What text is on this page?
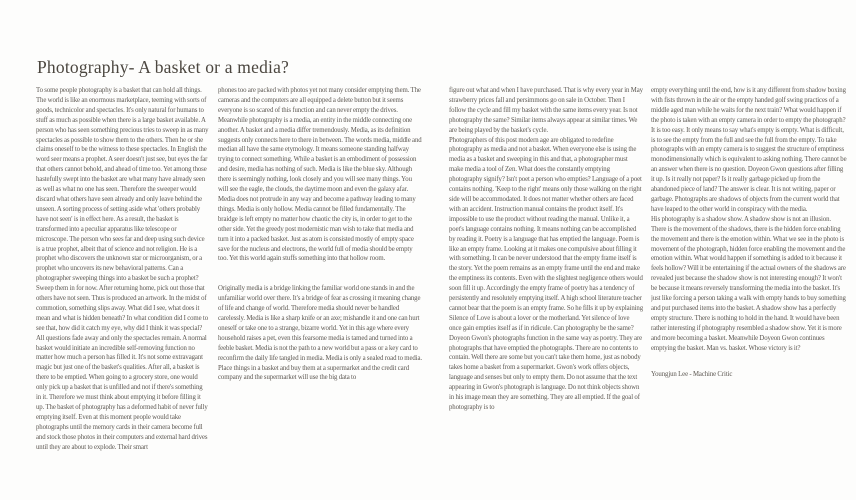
Photography- A basket or a media?

To some people photography is a basket that can hold all things. The world is like an enormous marketplace, teeming with sorts of goods, technicolor and spectacles. It's only natural for humans to stuff as much as possible when there is a large basket available. A person who has seen something precious tries to sweep in as many spectacles as possible to show them to the others. Then he or she claims oneself to be the witness to these spectacles. In English the word seer means a prophet. A seer doesn't just see, but eyes the far that others cannot behold, and ahead of time too. Yet among those hastefully swept into the basket are what many have already seen as well as what no one has seen. Therefore the sweeper would discard what others have seen already and only leave behind the unseen. A sorting process of setting aside what 'others probably have not seen' is in effect here. As a result, the basket is transformed into a peculiar apparatus like telescope or microscope. The person who sees far and deep using such device is a true prophet, albeit that of science and not religion. He is a prophet who discovers the unknown star or microorganism, or a prophet who uncovers its new behavioral patterns. Can a photographer sweeping things into a basket be such a prophet? Sweep them in for now. After returning home, pick out those that others have not seen. Thus is produced an artwork. In the midst of commotion, something slips away. What did I see, what does it mean and what is hidden beneath? In what condition did I come to see that, how did it catch my eye, why did I think it was special? All questions fade away and only the spectacles remain. A normal basket would initiate an incredible self-removing function no matter how much a person has filled it. It's not some extravagant magic but just one of the basket's qualities. After all, a basket is there to be emptied. When going to a grocery store, one would only pick up a basket that is unfilled and not if there's something in it. Therefore we must think about emptying it before filling it up. The basket of photography has a deformed habit of never fully emptying itself. Even at this moment people would take photographs until the memory cards in their camera become full and stock those photos in their computers and external hard drives until they are about to explode. Their smart

phones too are packed with photos yet not many consider emptying them. The cameras and the computers are all equipped a delete button but it seems everyone is so scared of this function and can never empty the drives.

Meanwhile photography is a media, an entity in the middle connecting one another. A basket and a media differ tremendously. Media, as its definition suggests only connects here to there in between. The words media, middle and median all have the same etymology. It means someone standing halfway trying to connect something. While a basket is an embodiment of possession and desire, media has nothing of such. Media is like the blue sky. Although there is seemingly nothing, look closely and you will see many things. You will see the eagle, the clouds, the daytime moon and even the galaxy afar. Media does not protrude in any way and become a pathway leading to many things. Media is only hollow. Media cannot be filled fundamentally. The braidge is left empty no matter how chaotic the city is, in order to get to the other side. Yet the greedy post modernistic man wish to take that media and turn it into a packed basket. Just as atom is consisted mostly of empty space save for the nucleus and electrons, the world full of media should be empty too. Yet this world again stuffs something into that hollow room.

Originally media is a bridge linking the familiar world one stands in and the unfamiliar world over there. It's a bridge of fear as crossing it meaning change of life and change of world. Therefore media should never be handled carelessly. Media is like a sharp knife or an axe; mishandle it and one can hurt oneself or take one to a strange, bizarre world. Yet in this age where every household raises a pet, even this fearsome media is tamed and turned into a feeble basket. Media is not the path to a new world but a pass or a key card to reconfirm the daily life tangled in media. Media is only a sealed road to media. Place things in a basket and buy them at a supermarket and the credit card company and the supermarket will use the big data to

figure out what and when I have purchased. That is why every year in May strawberry prices fall and persimmons go on sale in October. Then I follow the cycle and fill my basket with the same items every year. Is not photography the same? Similar items always appear at similar times. We are being played by the basket's cycle.

Photographers of this post modern age are obligated to redefine photography as media and not a basket. When everyone else is using the media as a basket and sweeping in this and that, a photographer must make media a tool of Zen. What does the constantly emptying photography signify? Isn't poet a person who empties? Language of a poet contains nothing. 'Keep to the right' means only those walking on the right side will be accommodated. It does not matter whether others are faced with an accident. Instruction manual contains the product itself. It's impossible to use the product without reading the manual. Unlike it, a poet's language contains nothing. It means nothing can be accomplished by reading it. Poetry is a language that has emptied the language. Poem is like an empty frame. Looking at it makes one compulsive about filling it with something. It can be never understood that the empty frame itself is the story. Yet the poem remains as an empty frame until the end and make the emptiness its contents. Even with the slightest negligence others would soon fill it up. Accordingly the empty frame of poetry has a tendency of persistently and resolutely emptying itself. A high school literature teacher cannot bear that the poem is an empty frame. So he fills it up by explaining Silence of Love is about a lover or the motherland. Yet silence of love once gain empties itself as if in ridicule. Can photography be the same?

Doyeon Gwon's photographs function in the same way as poetry. They are photographs that have emptied the photographs. There are no contents to contain. Well there are some but you can't take them home, just as nobody takes home a basket from a supermarket. Gwon's work offers objects, language and senses but only to empty them. Do not assume that the text appearing in Gwon's photograph is language. Do not think objects shown in his image mean they are something. They are all emptied. If the goal of photography is to

empty everything until the end, how is it any different from shadow boxing with fists thrown in the air or the empty handed golf swing practices of a middle aged man while he waits for the next train? What would happen if the photo is taken with an empty camera in order to empty the photograph? It is too easy. It only means to say what's empty is empty. What is difficult, is to see the empty from the full and see the full from the empty. To take photographs with an empty camera is to suggest the structure of emptiness monodimensionally which is equivalent to asking nothing. There cannot be an answer when there is no question. Doyeon Gwon questions after filling it up. Is it really not paper? Is it really garbage picked up from the abandoned piece of land? The answer is clear. It is not writing, paper or garbage. Photographs are shadows of objects from the current world that have leaped to the other world in conspiracy with the media.

His photography is a shadow show. A shadow show is not an illusion. There is the movement of the shadows, there is the hidden force enabling the movement and there is the emotion within. What we see in the photo is movement of the photograph, hidden force enabling the movement and the emotion within. What would happen if something is added to it because it feels hollow? Will it be entertaining if the actual owners of the shadows are revealed just because the shadow show is not interesting enough? It won't be because it means reversely transforming the media into the basket. It's just like forcing a person taking a walk with empty hands to buy something and put purchased items into the basket. A shadow show has a perfectly empty structure. There is nothing to hold in the hand. It would have been rather interesting if photography resembled a shadow show. Yet it is more and more becoming a basket. Meanwhile Doyeon Gwon continues emptying the basket. Man vs. basket. Whose victory is it?

Youngjun Lee - Machine Critic
